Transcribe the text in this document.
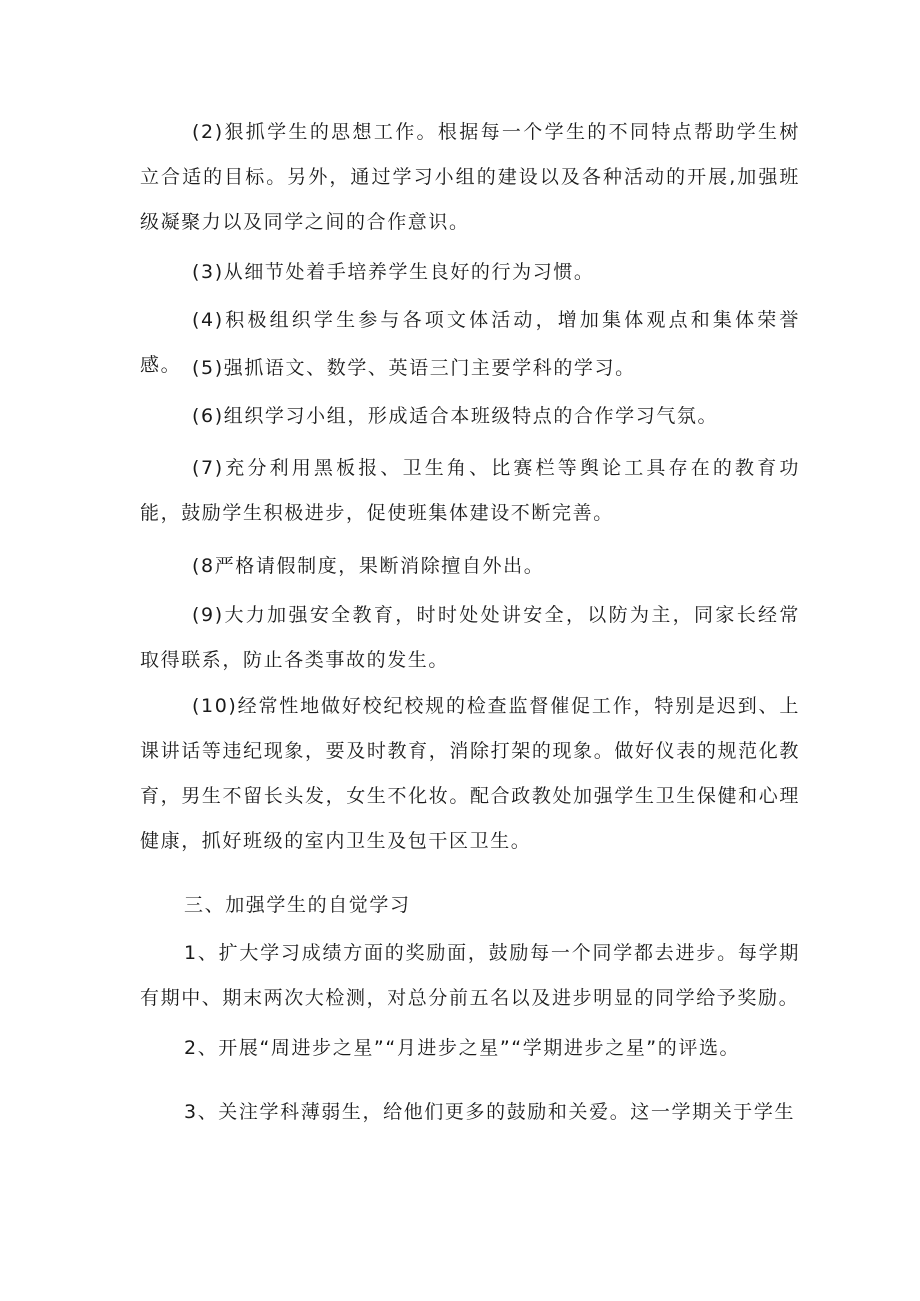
(2)狠抓学生的思想工作。根据每一个学生的不同特点帮助学生树立合适的目标。另外，通过学习小组的建设以及各种活动的开展,加强班级凝聚力以及同学之间的合作意识。

(3)从细节处着手培养学生良好的行为习惯。

(4)积极组织学生参与各项文体活动，增加集体观点和集体荣誉感。 (5)强抓语文、数学、英语三门主要学科的学习。

(6)组织学习小组，形成适合本班级特点的合作学习气氛。

(7)充分利用黑板报、卫生角、比赛栏等舆论工具存在的教育功能，鼓励学生积极进步，促使班集体建设不断完善。

(8严格请假制度，果断消除擅自外出。

(9)大力加强安全教育，时时处处讲安全，以防为主，同家长经常取得联系，防止各类事故的发生。

(10)经常性地做好校纪校规的检查监督催促工作，特别是迟到、上课讲话等违纪现象，要及时教育，消除打架的现象。做好仪表的规范化教育，男生不留长头发，女生不化妆。配合政教处加强学生卫生保健和心理健康，抓好班级的室内卫生及包干区卫生。

三、加强学生的自觉学习

1、扩大学习成绩方面的奖励面，鼓励每一个同学都去进步。每学期有期中、期末两次大检测，对总分前五名以及进步明显的同学给予奖励。

2、开展“周进步之星”“月进步之星”“学期进步之星”的评选。

3、关注学科薄弱生，给他们更多的鼓励和关爱。这一学期关于学生
